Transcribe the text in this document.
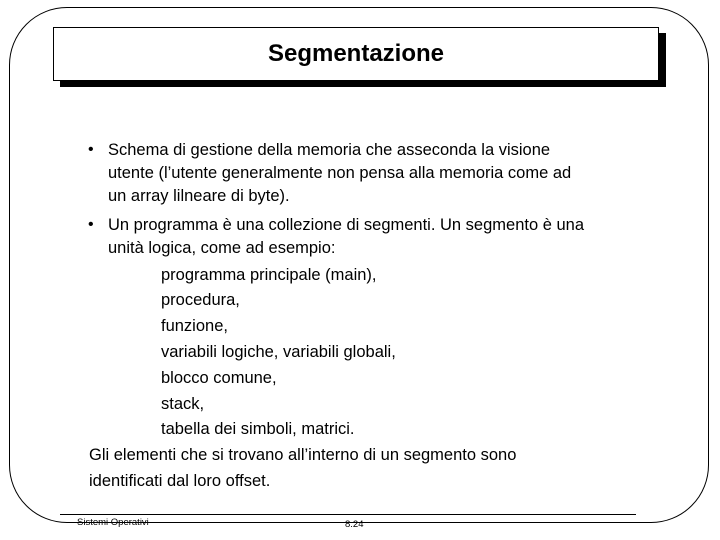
Segmentazione
• Schema di gestione della memoria che asseconda la visione
utente (l’utente generalmente non pensa alla memoria come ad
un array lilneare di byte).
• Un programma è una collezione di segmenti. Un segmento è una
unità logica, come ad esempio:
programma principale (main),
procedura,
funzione,
variabili logiche, variabili globali,
blocco comune,
stack,
tabella dei simboli, matrici.
Gli elementi che si trovano all’interno di un segmento sono
identificati dal loro offset.
Sistemi Operativi	8.24
